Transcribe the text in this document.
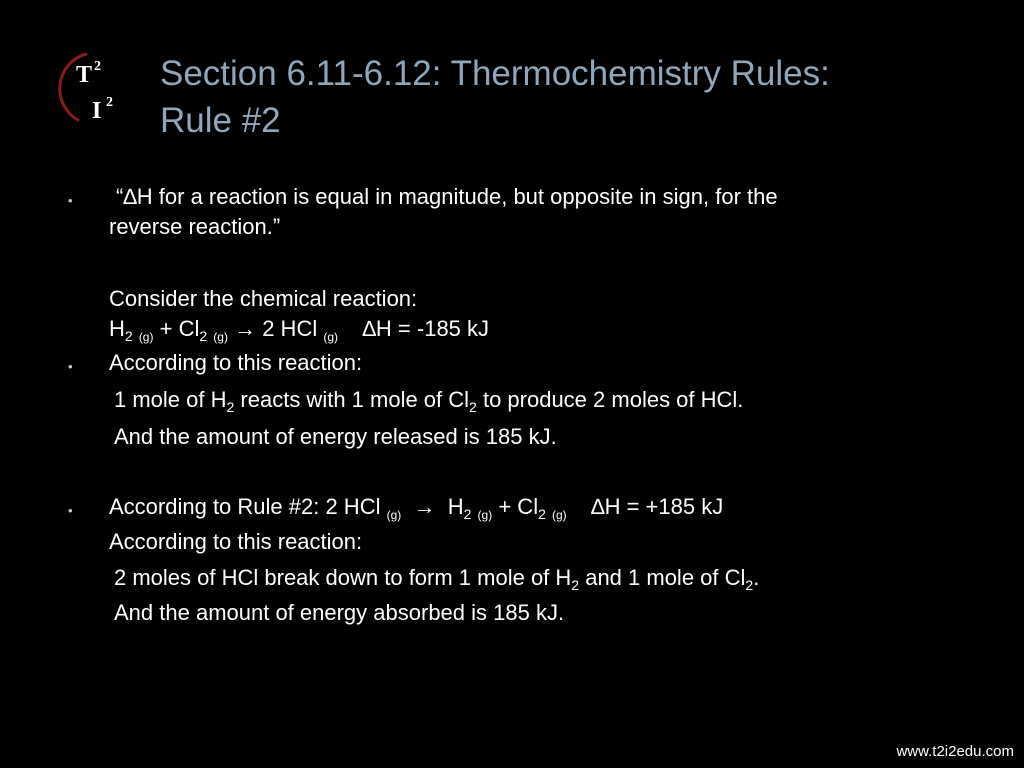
T 2
I 2
Section 6.11-6.12: Thermochemistry Rules:
Rule #2
• “∆H for a reaction is equal in magnitude, but opposite in sign, for the
reverse reaction.”
Consider the chemical reaction:
$H_2$ $_{(g)} + Cl_2$ $_{(g)}$ → 2 HCl $_{(g)}$ ∆H = -185 kJ
• According to this reaction:
1 mole of $H_2$ reacts with 1 mole of $Cl_2$ to produce 2 moles of HCl.
And the amount of energy released is 185 kJ.
• According to Rule #2: 2 HCl $_{(g)} \to H_2$ $_{(g)} + Cl_2$ $_{(g)}$ ∆H = +185 kJ
According to this reaction:
2 moles of HCl break down to form 1 mole of $H_2$ and 1 mole of $Cl_2$.
And the amount of energy absorbed is 185 kJ.
www.t2i2edu.com
